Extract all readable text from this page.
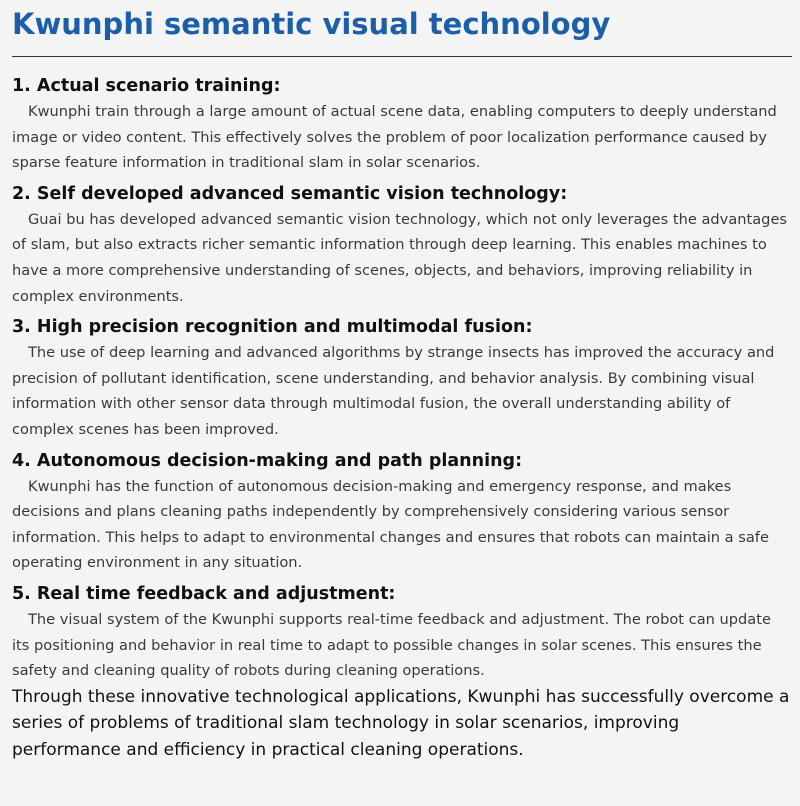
Kwunphi semantic visual technology
1. Actual scenario training:

Kwunphi train through a large amount of actual scene data, enabling computers to deeply understand image or video content. This effectively solves the problem of poor localization performance caused by sparse feature information in traditional slam in solar scenarios.

2. Self developed advanced semantic vision technology:

Guai bu has developed advanced semantic vision technology, which not only leverages the advantages of slam, but also extracts richer semantic information through deep learning. This enables machines to have a more comprehensive understanding of scenes, objects, and behaviors, improving reliability in complex environments.

3. High precision recognition and multimodal fusion:

The use of deep learning and advanced algorithms by strange insects has improved the accuracy and precision of pollutant identification, scene understanding, and behavior analysis. By combining visual information with other sensor data through multimodal fusion, the overall understanding ability of complex scenes has been improved.

4. Autonomous decision-making and path planning:

Kwunphi has the function of autonomous decision-making and emergency response, and makes decisions and plans cleaning paths independently by comprehensively considering various sensor information. This helps to adapt to environmental changes and ensures that robots can maintain a safe operating environment in any situation.

5. Real time feedback and adjustment:

The visual system of the Kwunphi supports real-time feedback and adjustment. The robot can update its positioning and behavior in real time to adapt to possible changes in solar scenes. This ensures the safety and cleaning quality of robots during cleaning operations.

Through these innovative technological applications, Kwunphi has successfully overcome a series of problems of traditional slam technology in solar scenarios, improving performance and efficiency in practical cleaning operations.
